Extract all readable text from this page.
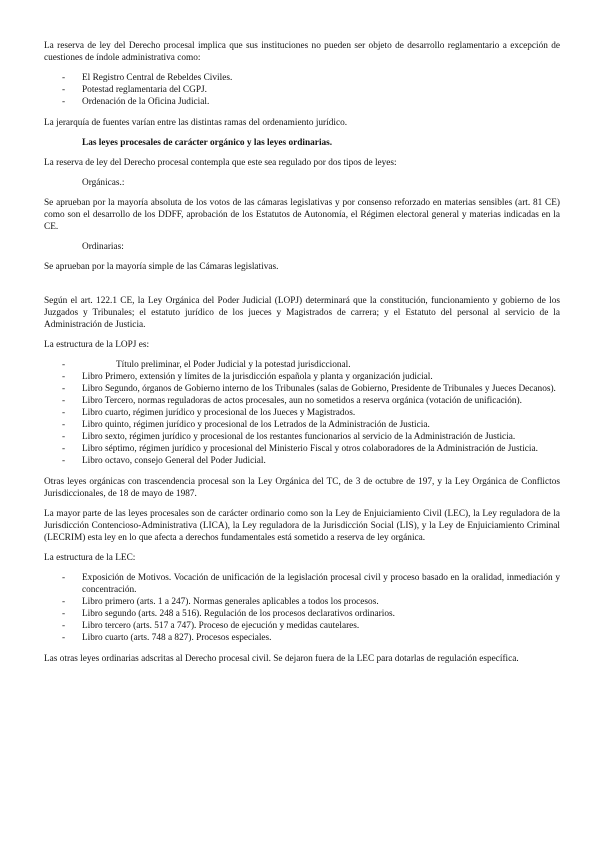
La reserva de ley del Derecho procesal implica que sus instituciones no pueden ser objeto de desarrollo reglamentario a excepción de cuestiones de índole administrativa como:

- El Registro Central de Rebeldes Civiles.
- Potestad reglamentaria del CGPJ.
- Ordenación de la Oficina Judicial.

La jerarquía de fuentes varían entre las distintas ramas del ordenamiento jurídico.

Las leyes procesales de carácter orgánico y las leyes ordinarias.

La reserva de ley del Derecho procesal contempla que este sea regulado por dos tipos de leyes:

Orgánicas.:

Se aprueban por la mayoría absoluta de los votos de las cámaras legislativas y por consenso reforzado en materias sensibles (art. 81 CE) como son el desarrollo de los DDFF, aprobación de los Estatutos de Autonomía, el Régimen electoral general y materias indicadas en la CE.

Ordinarias:

Se aprueban por la mayoría simple de las Cámaras legislativas.

Según el art. 122.1 CE, la Ley Orgánica del Poder Judicial (LOPJ) determinará que la constitución, funcionamiento y gobierno de los Juzgados y Tribunales; el estatuto jurídico de los jueces y Magistrados de carrera; y el Estatuto del personal al servicio de la Administración de Justicia.

La estructura de la LOPJ es:

- Título preliminar, el Poder Judicial y la potestad jurisdiccional.
- Libro Primero, extensión y límites de la jurisdicción española y planta y organización judicial.
- Libro Segundo, órganos de Gobierno interno de los Tribunales (salas de Gobierno, Presidente de Tribunales y Jueces Decanos).
- Libro Tercero, normas reguladoras de actos procesales, aun no sometidos a reserva orgánica (votación de unificación).
- Libro cuarto, régimen jurídico y procesional de los Jueces y Magistrados.
- Libro quinto, régimen jurídico y procesional de los Letrados de la Administración de Justicia.
- Libro sexto, régimen jurídico y procesional de los restantes funcionarios al servicio de la Administración de Justicia.
- Libro séptimo, régimen jurídico y procesional del Ministerio Fiscal y otros colaboradores de la Administración de Justicia.
- Libro octavo, consejo General del Poder Judicial.

Otras leyes orgánicas con trascendencia procesal son la Ley Orgánica del TC, de 3 de octubre de 197, y la Ley Orgánica de Conflictos Jurisdiccionales, de 18 de mayo de 1987.

La mayor parte de las leyes procesales son de carácter ordinario como son la Ley de Enjuiciamiento Civil (LEC), la Ley reguladora de la Jurisdicción Contencioso-Administrativa (LICA), la Ley reguladora de la Jurisdicción Social (LIS), y la Ley de Enjuiciamiento Criminal (LECRIM) esta ley en lo que afecta a derechos fundamentales está sometido a reserva de ley orgánica.

La estructura de la LEC:

- Exposición de Motivos. Vocación de unificación de la legislación procesal civil y proceso basado en la oralidad, inmediación y concentración.
- Libro primero (arts. 1 a 247). Normas generales aplicables a todos los procesos.
- Libro segundo (arts. 248 a 516). Regulación de los procesos declarativos ordinarios.
- Libro tercero (arts. 517 a 747). Proceso de ejecución y medidas cautelares.
- Libro cuarto (arts. 748 a 827). Procesos especiales.

Las otras leyes ordinarias adscritas al Derecho procesal civil. Se dejaron fuera de la LEC para dotarlas de regulación específica.
